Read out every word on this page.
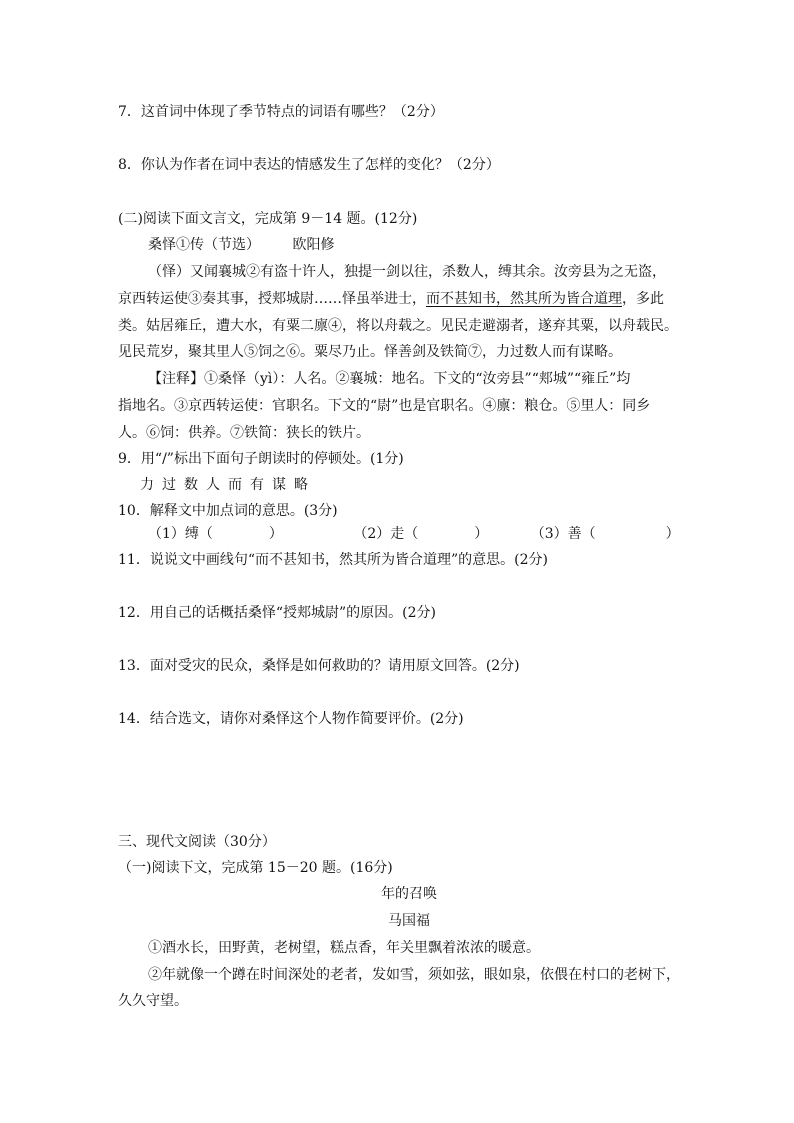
7．这首词中体现了季节特点的词语有哪些？（2分）
8．你认为作者在词中表达的情感发生了怎样的变化？（2分）
(二)阅读下面文言文，完成第 9－14 题。(12分)
桑怿①传（节选） 欧阳修
（怿）又闻襄城②有盗十许人，独提一剑以往，杀数人，缚其余。汝旁县为之无盗，
京西转运使③奏其事，授郏城尉……怿虽举进士，而不甚知书，然其所为皆合道理，多此
类。姑居雍丘，遭大水，有粟二廪④，将以舟载之。见民走避溺者，遂弃其粟，以舟载民。
见民荒岁，聚其里人⑤饲之⑥。粟尽乃止。怿善剑及铁简⑦，力过数人而有谋略。
【注释】①桑怿（yì）：人名。②襄城：地名。下文的“汝旁县”“郏城”“雍丘”均
指地名。③京西转运使：官职名。下文的“尉”也是官职名。④廪：粮仓。⑤里人：同乡
人。⑥饲：供养。⑦铁简：狭长的铁片。
9．用“/”标出下面句子朗读时的停顿处。(1分)
力过数人而有谋略
10．解释文中加点词的意思。(3分)
（1）缚（	）	（2）走（	）	（3）善（	）
11．说说文中画线句“而不甚知书，然其所为皆合道理”的意思。(2分)
12．用自己的话概括桑怿“授郏城尉”的原因。(2分)
13．面对受灾的民众，桑怿是如何救助的？请用原文回答。(2分)
14．结合选文，请你对桑怿这个人物作简要评价。(2分)
三、现代文阅读（30分）
（一)阅读下文，完成第 15－20 题。(16分)
年的召唤
马国福
①酒水长，田野黄，老树望，糕点香，年关里飘着浓浓的暖意。
②年就像一个蹲在时间深处的老者，发如雪，须如弦，眼如泉，依偎在村口的老树下，
久久守望。
